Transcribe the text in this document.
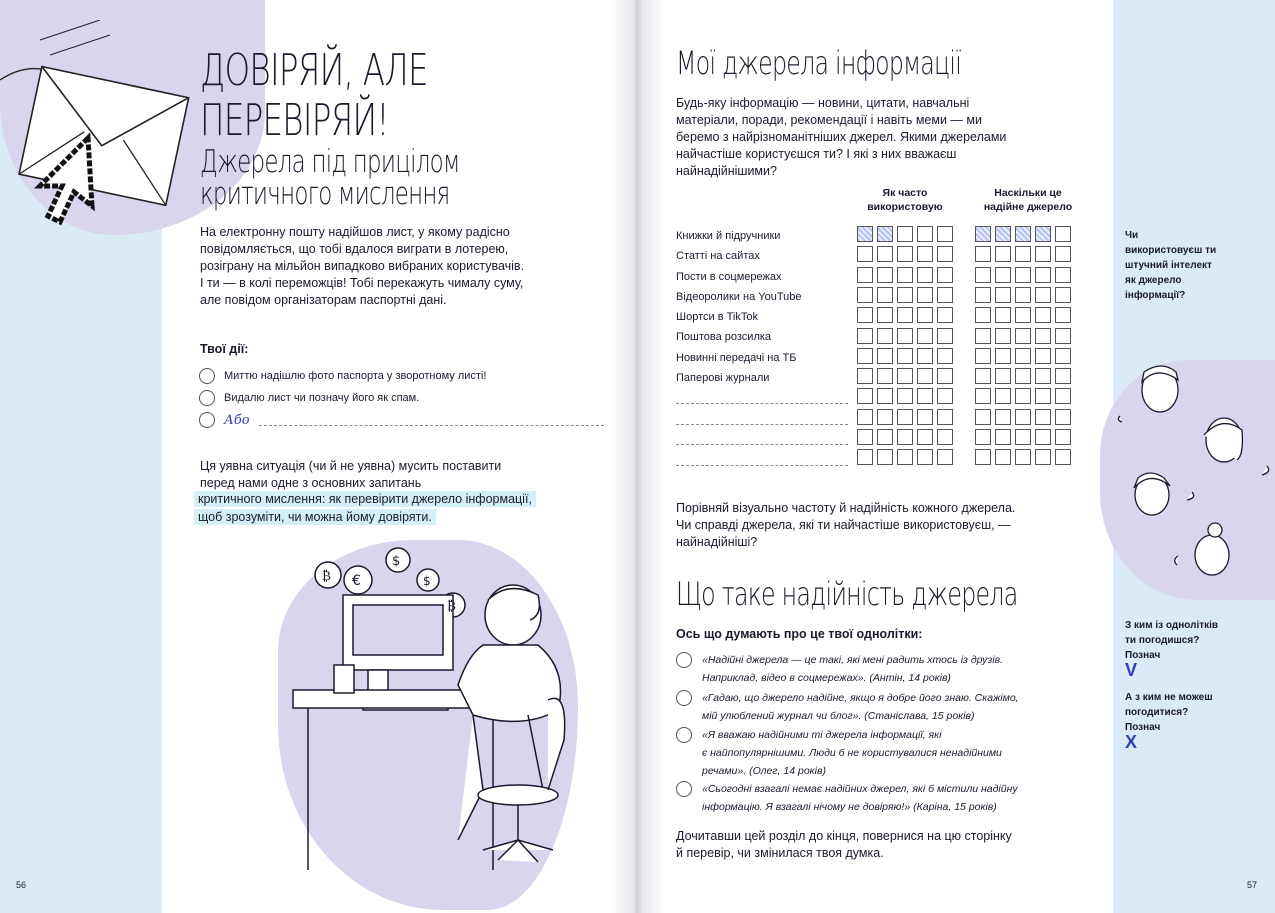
ДОВІРЯЙ, АЛЕ
ПЕРЕВІРЯЙ!
Джерела під прицілом
критичного мислення
На електронну пошту надійшов лист, у якому радісно
повідомляється, що тобі вдалося виграти в лотерею,
розіграну на мільйон випадково вибраних користувачів.
І ти — в колі переможців! Тобі перекажуть чималу суму,
але повідом організаторам паспортні дані.
Твої дії:
Миттю надішлю фото паспорта у зворотному листі!
Видалю лист чи позначу його як спам.
Або
Ця уявна ситуація (чи й не уявна) мусить поставити
перед нами одне з основних запитань
критичного мислення: як перевірити джерело інформації,
щоб зрозуміти, чи можна йому довіряти.
€
$
₿	$
₿
56
Мої джерела інформації
Будь-яку інформацію — новини, цитати, навчальні
матеріали, поради, рекомендації і навіть меми — ми
беремо з найрізноманітніших джерел. Якими джерелами
найчастіше користуєшся ти? І які з них вважаєш
найнадійнішими?
Як часто
використовую
Наскільки це
надійне джерело
Книжки й підручники
Статті на сайтах
Пости в соцмережах
Відеоролики на YouTube
Шортси в TikTok
Поштова розсилка
Новинні передачі на ТБ
Паперові журнали
Порівняй візуально частоту й надійність кожного джерела.
Чи справді джерела, які ти найчастіше використовуєш, —
найнадійніші?
Що таке надійність джерела
Ось що думають про це твої однолітки:
«Надійні джерела — це такі, які мені радить хтось із друзів.
Наприклад, відео в соцмережах». (Антін, 14 років)
«Гадаю, що джерело надійне, якщо я добре його знаю. Скажімо,
мій улюблений журнал чи блог». (Станіслава, 15 років)
«Я вважаю надійними ті джерела інформації, які
є найпопулярнішими. Люди б не користувалися ненадійними
речами». (Олег, 14 років)
«Сьогодні взагалі немає надійних джерел, які б містили надійну
інформацію. Я взагалі нічому не довіряю!» (Каріна, 15 років)
Дочитавши цей розділ до кінця, повернися на цю сторінку
й перевір, чи змінилася твоя думка.
57
Чи
використовуєш ти
штучний інтелект
як джерело
інформації?
З ким із однолітків
ти погодишся?
Познач
V
А з ким не можеш
погодитися?
Познач
X
